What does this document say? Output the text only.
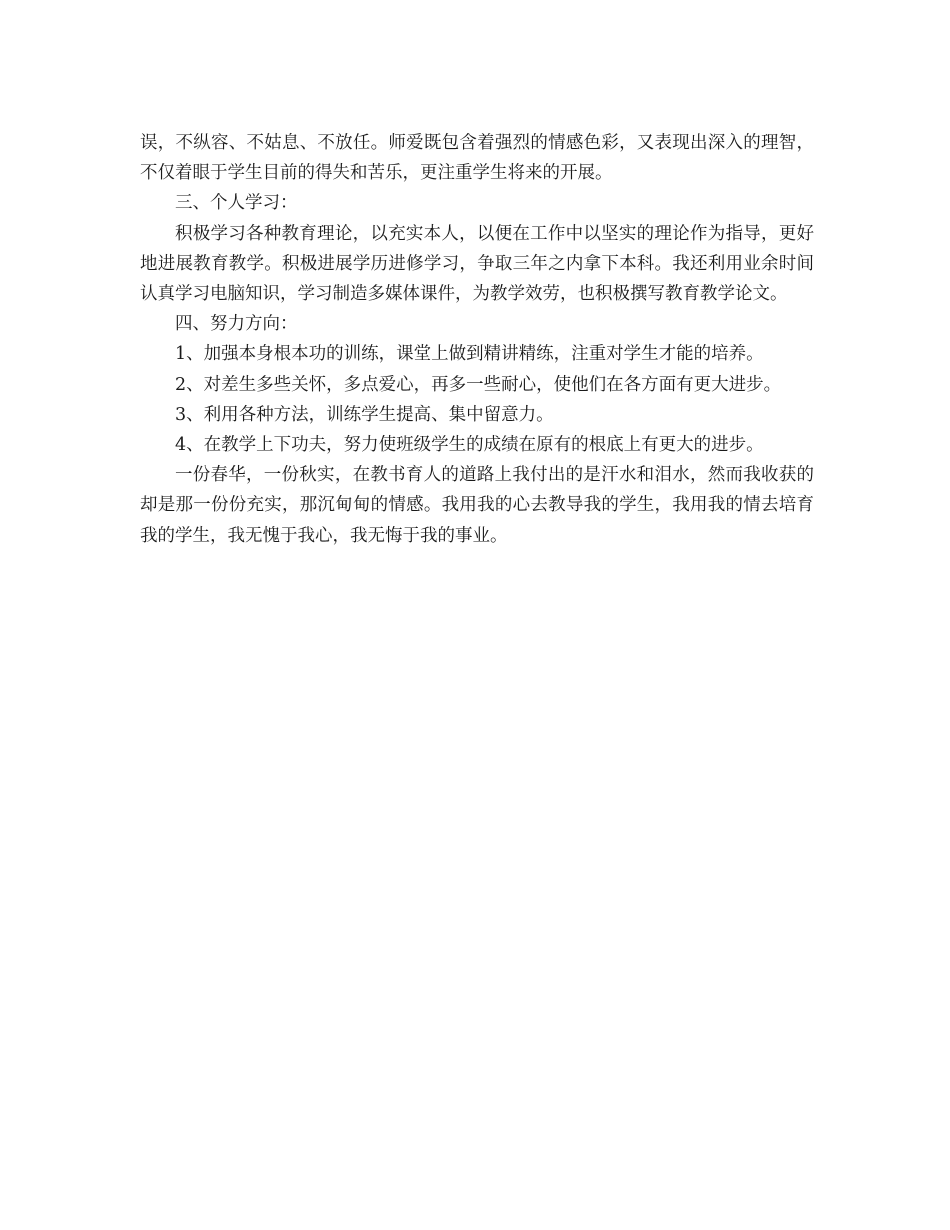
误，不纵容、不姑息、不放任。师爱既包含着强烈的情感色彩，又表现出深入的理智，不仅着眼于学生目前的得失和苦乐，更注重学生将来的开展。

三、个人学习：

积极学习各种教育理论，以充实本人，以便在工作中以坚实的理论作为指导，更好地进展教育教学。积极进展学历进修学习，争取三年之内拿下本科。我还利用业余时间认真学习电脑知识，学习制造多媒体课件，为教学效劳，也积极撰写教育教学论文。

四、努力方向：

1、加强本身根本功的训练，课堂上做到精讲精练，注重对学生才能的培养。

2、对差生多些关怀，多点爱心，再多一些耐心，使他们在各方面有更大进步。

3、利用各种方法，训练学生提高、集中留意力。

4、在教学上下功夫，努力使班级学生的成绩在原有的根底上有更大的进步。

一份春华，一份秋实，在教书育人的道路上我付出的是汗水和泪水，然而我收获的却是那一份份充实，那沉甸甸的情感。我用我的心去教导我的学生，我用我的情去培育我的学生，我无愧于我心，我无悔于我的事业。
